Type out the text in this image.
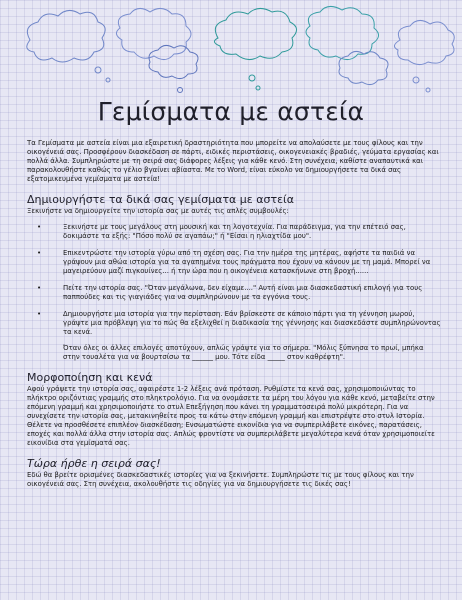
Γεμίσματα με αστεία

Τα Γεμίσματα με αστεία είναι μια εξαιρετική δραστηριότητα που μπορείτε να απολαύσετε με τους φίλους και την οικογένειά σας. Προσφέρουν διασκέδαση σε πάρτι, ειδικές περιστάσεις, οικογενειακές βραδιές, γεύματα εργασίας και πολλά άλλα. Συμπληρώστε με τη σειρά σας διάφορες λέξεις για κάθε κενό. Στη συνέχεια, καθίστε αναπαυτικά και παρακολουθήστε καθώς το γέλιο βγαίνει αβίαστα. Με το Word, είναι εύκολο να δημιουργήσετε τα δικά σας εξατομικευμένα γεμίσματα με αστεία!

Δημιουργήστε τα δικά σας γεμίσματα με αστεία

Ξεκινήστε να δημιουργείτε την ιστορία σας με αυτές τις απλές συμβουλές:

•	Ξεκινήστε με τους μεγάλους στη μουσική και τη λογοτεχνία. Για παράδειγμα, για την επέτειό σας, δοκιμάστε τα εξής: "Πόσο πολύ σε αγαπάω;" ή "Είσαι η ηλιαχτίδα μου".
•	Επικεντρώστε την ιστορία γύρω από τη σχέση σας. Για την ημέρα της μητέρας, αφήστε τα παιδιά να γράψουν μια αθώα ιστορία για τα αγαπημένα τους πράγματα που έχουν να κάνουν με τη μαμά. Μπορεί να μαγειρεύουν μαζί πιγκουίνες... ή την ώρα που η οικογένεια κατασκήνωνε στη βροχή......
•	Πείτε την ιστορία σας. "Όταν μεγάλωνα, δεν είχαμε...." Αυτή είναι μια διασκεδαστική επιλογή για τους παππούδες και τις γιαγιάδες για να συμπληρώνουν με τα εγγόνια τους.
•	Δημιουργήστε μια ιστορία για την περίσταση. Εάν βρίσκεστε σε κάποιο πάρτι για τη γέννηση μωρού, γράψτε μια πρόβλεψη για το πώς θα εξελιχθεί η διαδικασία της γέννησης και διασκεδάστε συμπληρώνοντας τα κενά.

Όταν όλες οι άλλες επιλογές αποτύχουν, απλώς γράψτε για το σήμερα. "Μόλις ξύπνησα το πρωί, μπήκα στην τουαλέτα για να βουρτσίσω τα ______ μου. Τότε είδα _____ στον καθρέφτη".

Μορφοποίηση και κενά

Αφού γράψετε την ιστορία σας, αφαιρέστε 1-2 λέξεις ανά πρόταση. Ρυθμίστε τα κενά σας, χρησιμοποιώντας το πλήκτρο οριζόντιας γραμμής στο πληκτρολόγιο. Για να ονομάσετε τα μέρη του λόγου για κάθε κενό, μεταβείτε στην επόμενη γραμμή και χρησιμοποιήστε το στυλ Επεξήγηση που κάνει τη γραμματοσειρά πολύ μικρότερη. Για να συνεχίσετε την ιστορία σας, μετακινηθείτε προς τα κάτω στην επόμενη γραμμή και επιστρέψτε στο στυλ Ιστορία. Θέλετε να προσθέσετε επιπλέον διασκέδαση; Ενσωματώστε εικονίδια για να συμπεριλάβετε εικόνες, παρατάσεις, εποχές και πολλά άλλα στην ιστορία σας. Απλώς φροντίστε να συμπεριλάβετε μεγαλύτερα κενά όταν χρησιμοποιείτε εικονίδια στα γεμίσματά σας.

Τώρα ήρθε η σειρά σας!

Εδώ θα βρείτε ορισμένες διασκεδαστικές ιστορίες για να ξεκινήσετε. Συμπληρώστε τις με τους φίλους και την οικογένειά σας. Στη συνέχεια, ακολουθήστε τις οδηγίες για να δημιουργήσετε τις δικές σας!
